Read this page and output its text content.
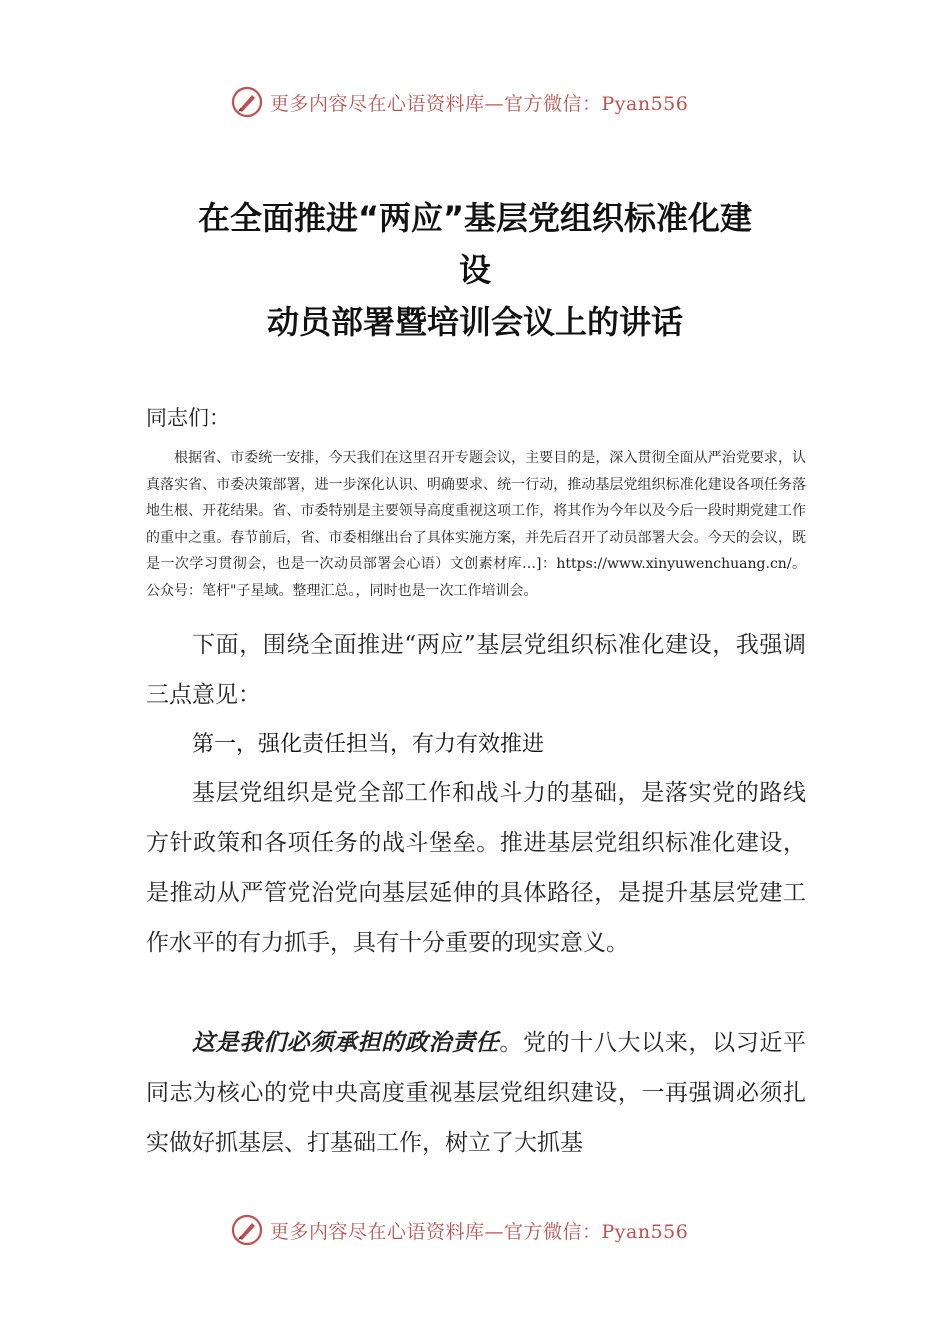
更多内容尽在心语资料库—官方微信：Pyan556
在全面推进“两应”基层党组织标准化建
设
动员部署暨培训会议上的讲话
同志们：
根据省、市委统一安排，今天我们在这里召开专题会议，主要目的是，深入贯彻全面从严治党要求，认真落实省、市委决策部署，进一步深化认识、明确要求、统一行动，推动基层党组织标准化建设各项任务落地生根、开花结果。省、市委特别是主要领导高度重视这项工作，将其作为今年以及今后一段时期党建工作的重中之重。春节前后，省、市委相继出台了具体实施方案，并先后召开了动员部署大会。今天的会议，既是一次学习贯彻会，也是一次动员部署会心语）文创素材库…]：https://www.xinyuwenchuang.cn/。公众号：笔杆"子星域。整理汇总。，同时也是一次工作培训会。
下面，围绕全面推进“两应”基层党组织标准化建设，我强调三点意见：
第一，强化责任担当，有力有效推进
基层党组织是党全部工作和战斗力的基础，是落实党的路线方针政策和各项任务的战斗堡垒。推进基层党组织标准化建设，是推动从严管党治党向基层延伸的具体路径，是提升基层党建工作水平的有力抓手，具有十分重要的现实意义。
这是我们必须承担的政治责任。党的十八大以来，以习近平同志为核心的党中央高度重视基层党组织建设，一再强调必须扎实做好抓基层、打基础工作，树立了大抓基
更多内容尽在心语资料库—官方微信：Pyan556
